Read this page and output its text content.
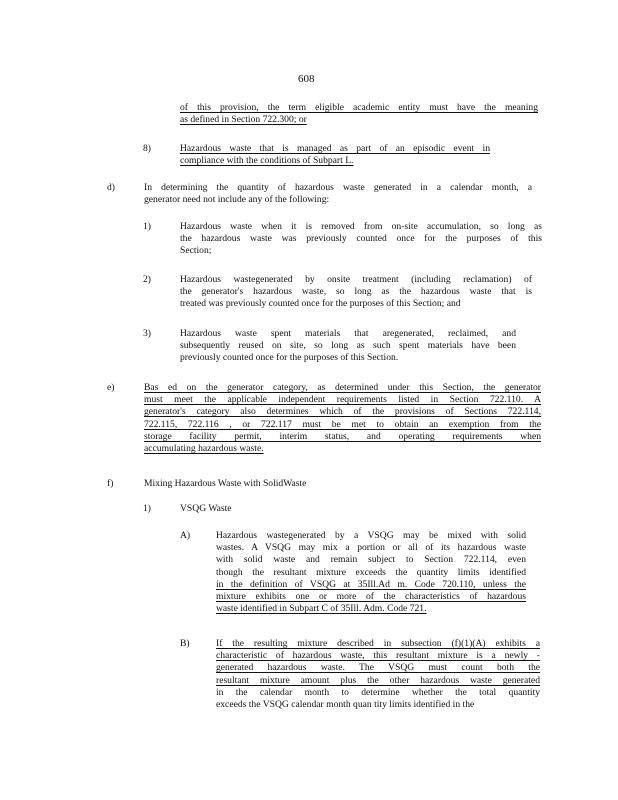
608
of this provision, the term eligible academic entity must have the meaning
as defined in Section 722.300; or
8)	Hazardous waste that is managed as part of an episodic event in
compliance with the conditions of Subpart L.
d)	In determining the quantity of hazardous waste generated in a calendar month, a
generator need not include any of the following:
1)	Hazardous waste when it is removed from on-site accumulation, so long as
the hazardous waste was previously counted once for the purposes of this
Section;
2)	Hazardous wastegenerated by onsite treatment (including reclamation) of
the generator's hazardous waste, so long as the hazardous waste that is
treated was previously counted once for the purposes of this Section; and
3)	Hazardous waste spent materials that aregenerated, reclaimed, and
subsequently reused on site, so long as such spent materials have been
previously counted once for the purposes of this Section.
e)	Bas ed on the generator category, as determined under this Section, the generator
must meet the applicable independent requirements listed in Section 722.110. A
generator's category also determines which of the provisions of Sections 722.114,
722.115, 722.116 , or 722.117 must be met to obtain an exemption from the
storage facility permit, interim status, and operating requirements when
accumulating hazardous waste.
f)	Mixing Hazardous Waste with SolidWaste
1)	VSQG Waste
A)	Hazardous wastegenerated by a VSQG may be mixed with solid
wastes. A VSQG may mix a portion or all of its hazardous waste
with solid waste and remain subject to Section 722.114, even
though the resultant mixture exceeds the quantity limits identified
in the definition of VSQG at 35Ill.Ad m. Code 720.110, unless the
mixture exhibits one or more of the characteristics of hazardous
waste identified in Subpart C of 35Ill. Adm. Code 721.
B)	If the resulting mixture described in subsection (f)(1)(A) exhibits a
characteristic of hazardous waste, this resultant mixture is a newly -
generated hazardous waste. The VSQG must count both the
resultant mixture amount plus the other hazardous waste generated
in the calendar month to determine whether the total quantity
exceeds the VSQG calendar month quan tity limits identified in the
